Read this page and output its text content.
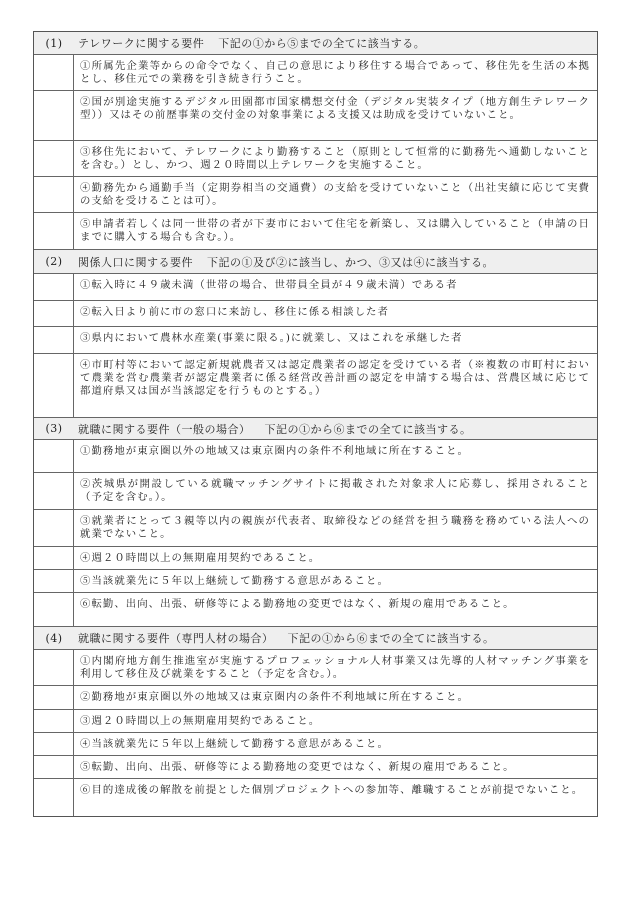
(1)	テレワークに関する要件	下記の①から⑤までの全てに該当する。
①所属先企業等からの命令でなく、自己の意思により移住する場合であって、移住先を生活の本拠とし、移住元での業務を引き続き行うこと。
②国が別途実施するデジタル田園都市国家構想交付金（デジタル実装タイプ（地方創生テレワーク型））又はその前歴事業の交付金の対象事業による支援又は助成を受けていないこと。
③移住先において、テレワークにより勤務すること（原則として恒常的に勤務先へ通勤しないことを含む。）とし、かつ、週２０時間以上テレワークを実施すること。
④勤務先から通勤手当（定期券相当の交通費）の支給を受けていないこと（出社実績に応じて実費の支給を受けることは可）。
⑤申請者若しくは同一世帯の者が下妻市において住宅を新築し、又は購入していること（申請の日までに購入する場合も含む。）。
(2)	関係人口に関する要件	下記の①及び②に該当し、かつ、③又は④に該当する。
①転入時に４９歳未満（世帯の場合、世帯員全員が４９歳未満）である者
②転入日より前に市の窓口に来訪し、移住に係る相談した者
③県内において農林水産業(事業に限る。)に就業し、又はこれを承継した者
④市町村等において認定新規就農者又は認定農業者の認定を受けている者（※複数の市町村において農業を営む農業者が認定農業者に係る経営改善計画の認定を申請する場合は、営農区域に応じて都道府県又は国が当該認定を行うものとする。）
(3)	就職に関する要件（一般の場合）	下記の①から⑥までの全てに該当する。
①勤務地が東京圏以外の地域又は東京圏内の条件不利地域に所在すること。
②茨城県が開設している就職マッチングサイトに掲載された対象求人に応募し、採用されること（予定を含む。）。
③就業者にとって３親等以内の親族が代表者、取締役などの経営を担う職務を務めている法人への就業でないこと。
④週２０時間以上の無期雇用契約であること。
⑤当該就業先に５年以上継続して勤務する意思があること。
⑥転勤、出向、出張、研修等による勤務地の変更ではなく、新規の雇用であること。
(4)	就職に関する要件（専門人材の場合）	下記の①から⑥までの全てに該当する。
①内閣府地方創生推進室が実施するプロフェッショナル人材事業又は先導的人材マッチング事業を利用して移住及び就業をすること（予定を含む。）。
②勤務地が東京圏以外の地域又は東京圏内の条件不利地域に所在すること。
③週２０時間以上の無期雇用契約であること。
④当該就業先に５年以上継続して勤務する意思があること。
⑤転勤、出向、出張、研修等による勤務地の変更ではなく、新規の雇用であること。
⑥目的達成後の解散を前提とした個別プロジェクトへの参加等、離職することが前提でないこと。
